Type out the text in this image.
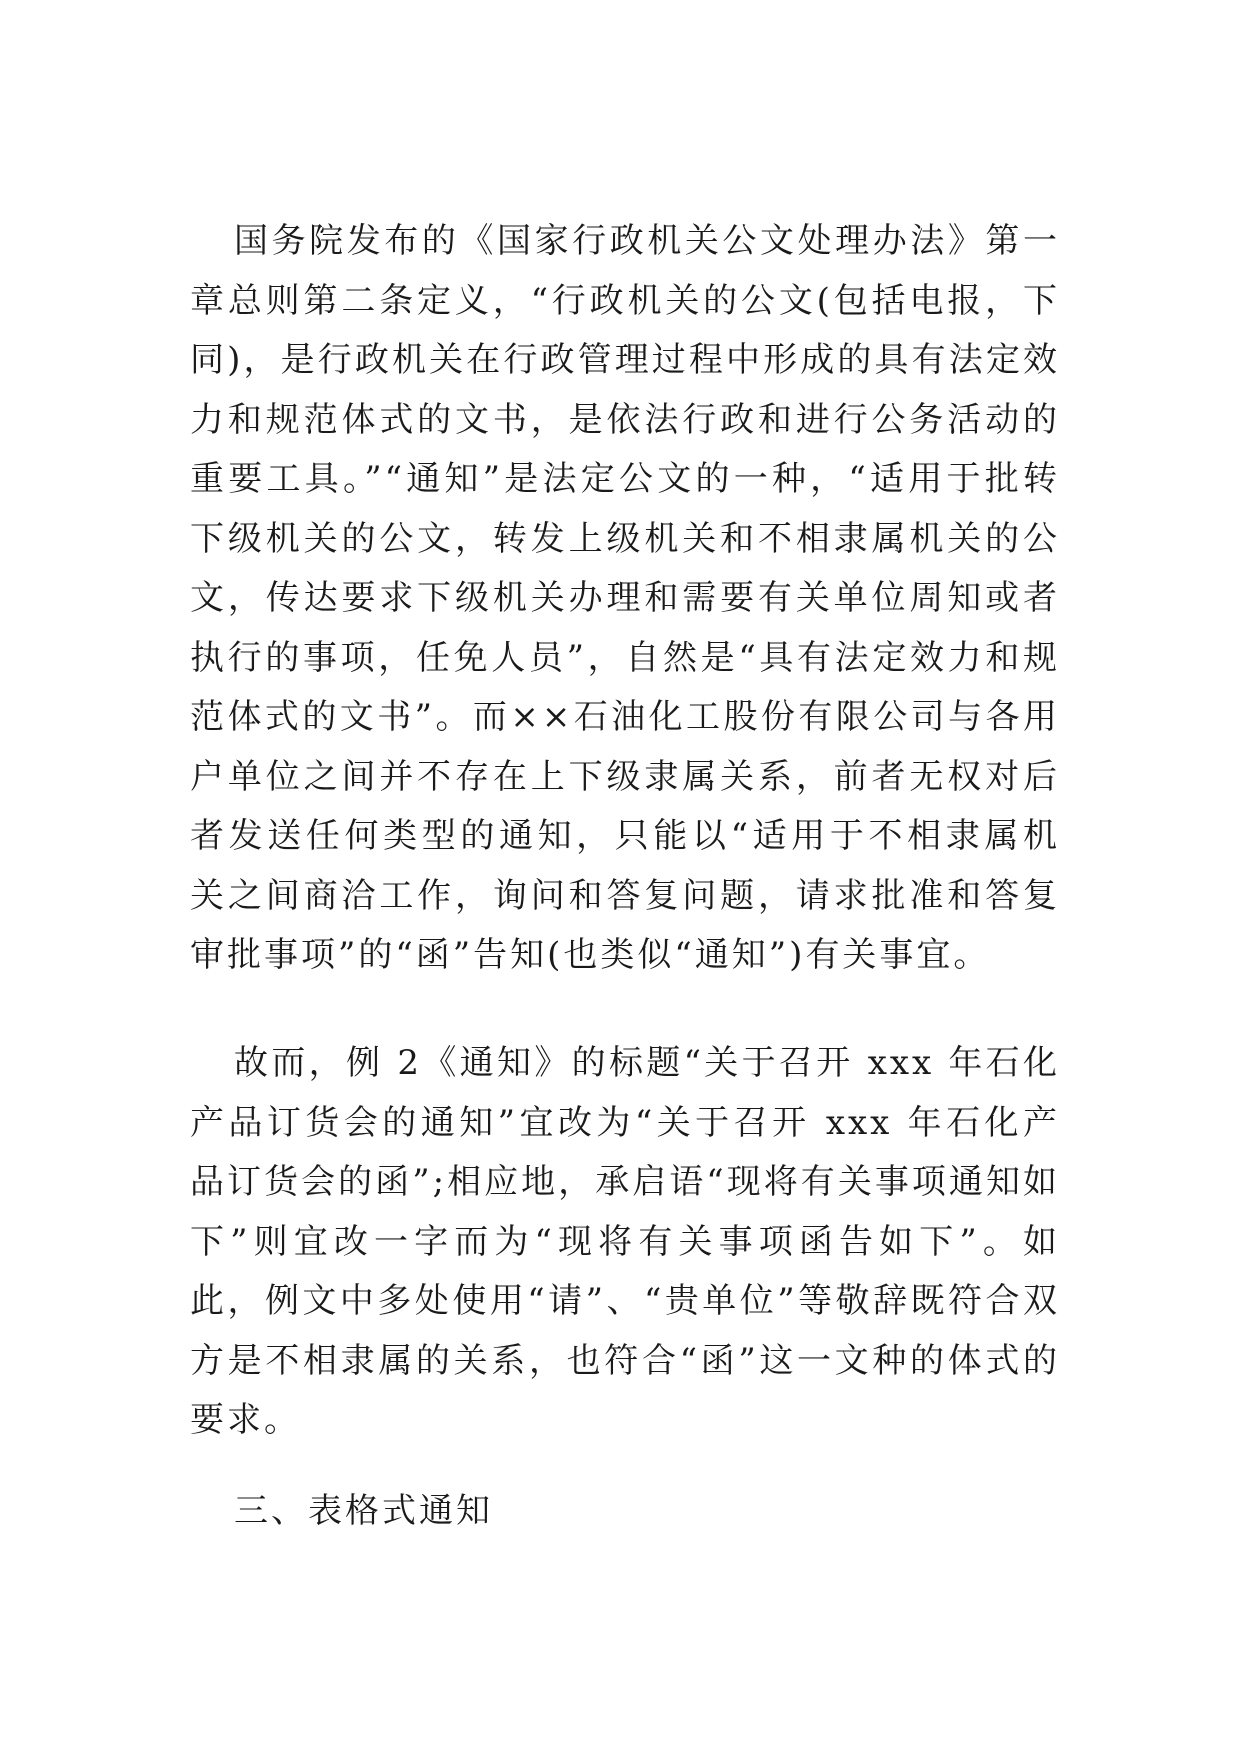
国务院发布的《国家行政机关公文处理办法》第一章总则第二条定义，“行政机关的公文(包括电报，下同)，是行政机关在行政管理过程中形成的具有法定效力和规范体式的文书，是依法行政和进行公务活动的重要工具。”“通知”是法定公文的一种，“适用于批转下级机关的公文，转发上级机关和不相隶属机关的公文，传达要求下级机关办理和需要有关单位周知或者执行的事项，任免人员”，自然是“具有法定效力和规范体式的文书”。而××石油化工股份有限公司与各用户单位之间并不存在上下级隶属关系，前者无权对后者发送任何类型的通知，只能以“适用于不相隶属机关之间商洽工作，询问和答复问题，请求批准和答复审批事项”的“函”告知(也类似“通知”)有关事宜。

故而，例 2《通知》的标题“关于召开 xxx 年石化产品订货会的通知”宜改为“关于召开 xxx 年石化产品订货会的函”;相应地，承启语“现将有关事项通知如下”则宜改一字而为“现将有关事项函告如下”。如此，例文中多处使用“请”、“贵单位”等敬辞既符合双方是不相隶属的关系，也符合“函”这一文种的体式的要求。

三、表格式通知
